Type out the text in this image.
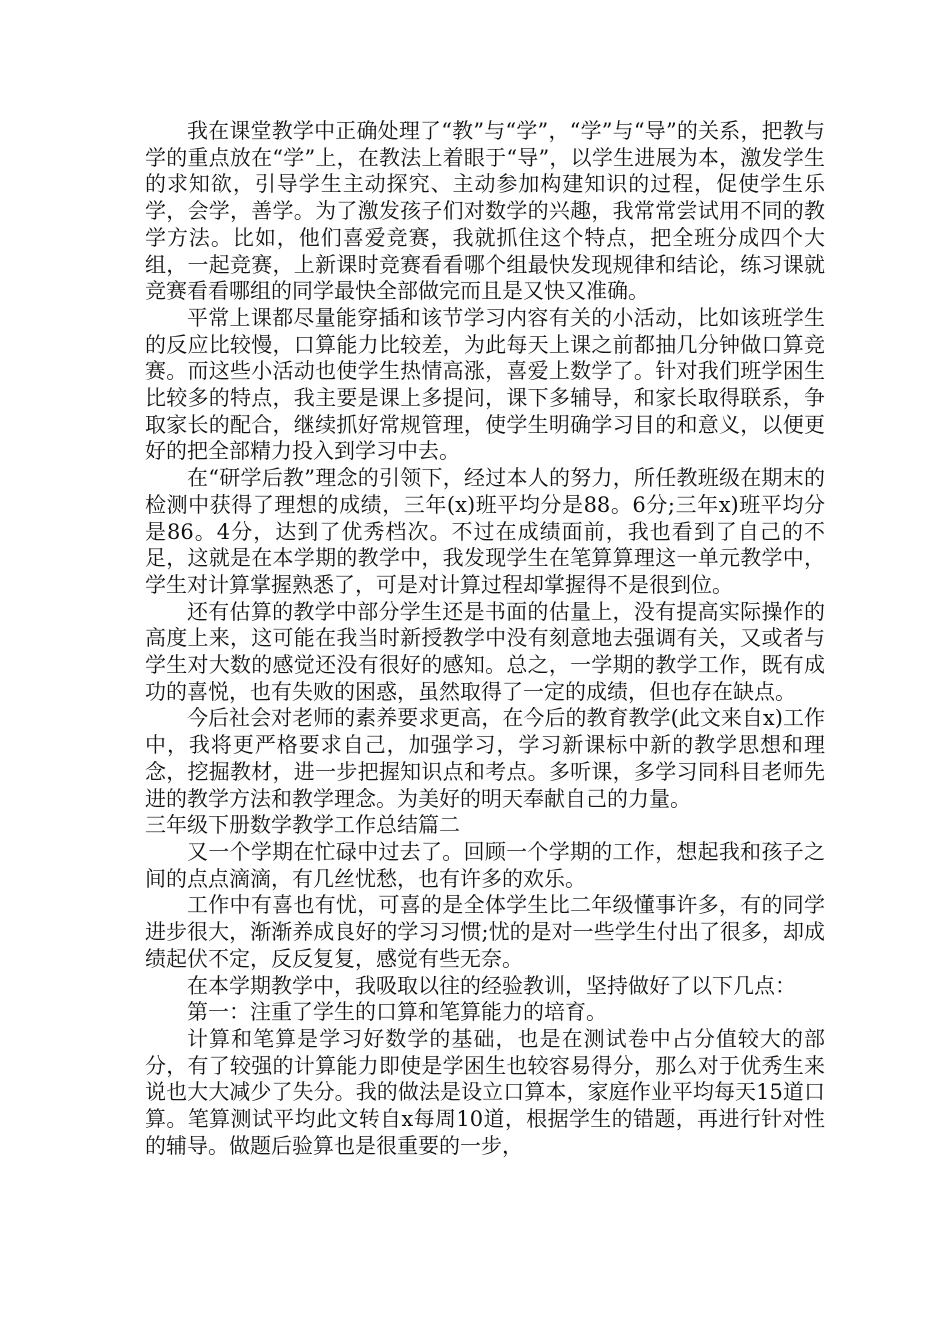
我在课堂教学中正确处理了“教”与“学”，“学”与“导”的关系，把教与学的重点放在“学”上，在教法上着眼于“导”，以学生进展为本，激发学生的求知欲，引导学生主动探究、主动参加构建知识的过程，促使学生乐学，会学，善学。为了激发孩子们对数学的兴趣，我常常尝试用不同的教学方法。比如，他们喜爱竞赛，我就抓住这个特点，把全班分成四个大组，一起竞赛，上新课时竞赛看看哪个组最快发现规律和结论，练习课就竞赛看看哪组的同学最快全部做完而且是又快又准确。

平常上课都尽量能穿插和该节学习内容有关的小活动，比如该班学生的反应比较慢，口算能力比较差，为此每天上课之前都抽几分钟做口算竞赛。而这些小活动也使学生热情高涨，喜爱上数学了。针对我们班学困生比较多的特点，我主要是课上多提问，课下多辅导，和家长取得联系，争取家长的配合，继续抓好常规管理，使学生明确学习目的和意义，以便更好的把全部精力投入到学习中去。

在“研学后教”理念的引领下，经过本人的努力，所任教班级在期末的检测中获得了理想的成绩，三年(x)班平均分是88。6分;三年x)班平均分是86。4分，达到了优秀档次。不过在成绩面前，我也看到了自己的不足，这就是在本学期的教学中，我发现学生在笔算算理这一单元教学中，学生对计算掌握熟悉了，可是对计算过程却掌握得不是很到位。

还有估算的教学中部分学生还是书面的估量上，没有提高实际操作的高度上来，这可能在我当时新授教学中没有刻意地去强调有关，又或者与学生对大数的感觉还没有很好的感知。总之，一学期的教学工作，既有成功的喜悦，也有失败的困惑，虽然取得了一定的成绩，但也存在缺点。

今后社会对老师的素养要求更高，在今后的教育教学(此文来自x)工作中，我将更严格要求自己，加强学习，学习新课标中新的教学思想和理念，挖掘教材，进一步把握知识点和考点。多听课，多学习同科目老师先进的教学方法和教学理念。为美好的明天奉献自己的力量。

三年级下册数学教学工作总结篇二

又一个学期在忙碌中过去了。回顾一个学期的工作，想起我和孩子之间的点点滴滴，有几丝忧愁，也有许多的欢乐。

工作中有喜也有忧，可喜的是全体学生比二年级懂事许多，有的同学进步很大，渐渐养成良好的学习习惯;忧的是对一些学生付出了很多，却成绩起伏不定，反反复复，感觉有些无奈。

在本学期教学中，我吸取以往的经验教训，坚持做好了以下几点：

第一：注重了学生的口算和笔算能力的培育。

计算和笔算是学习好数学的基础，也是在测试卷中占分值较大的部分，有了较强的计算能力即使是学困生也较容易得分，那么对于优秀生来说也大大减少了失分。我的做法是设立口算本，家庭作业平均每天15道口算。笔算测试平均此文转自x每周10道，根据学生的错题，再进行针对性的辅导。做题后验算也是很重要的一步，
